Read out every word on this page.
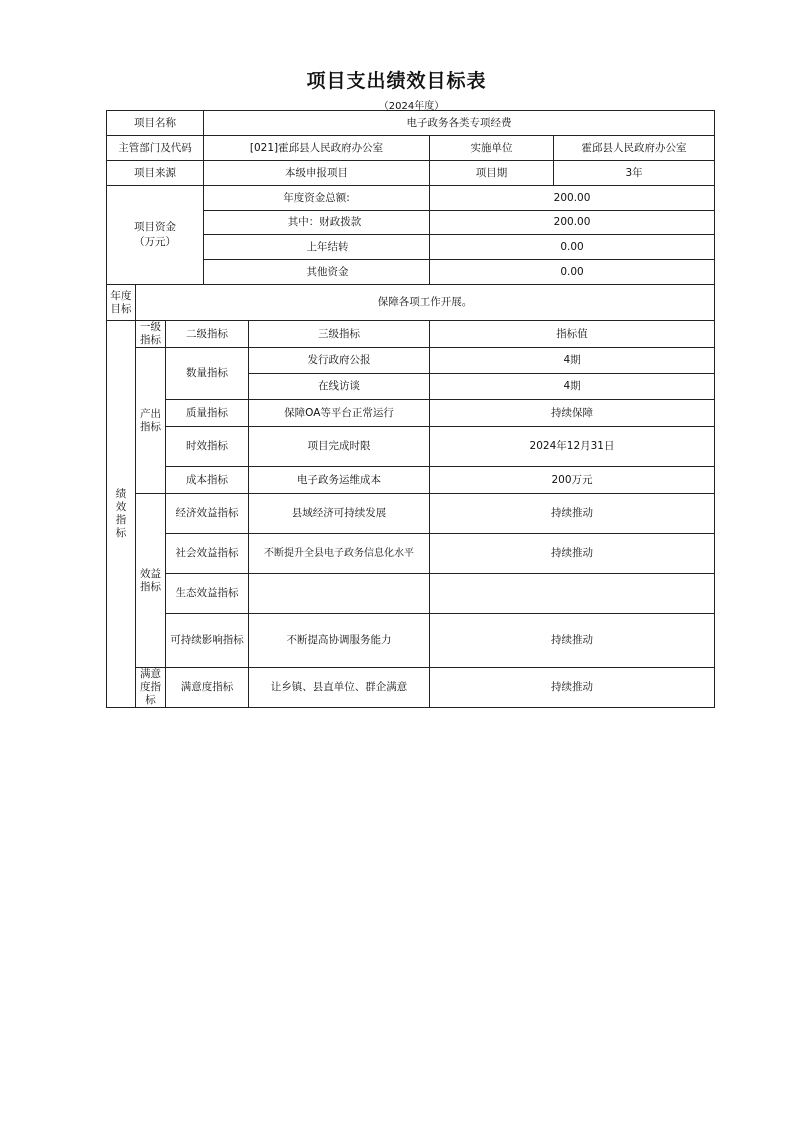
项目支出绩效目标表
（2024年度）
项目名称			电子政务各类专项经费			
主管部门及代码			[021]霍邱县人民政府办公室		实施单位	霍邱县人民政府办公室
项目来源			本级申报项目		项目期	3年

项目资金（万元）			年度资金总额:		200.00	
			其中：财政拨款		200.00	
			上年结转		0.00	
			其他资金		0.00	

年度目标	保障各项工作开展。					

绩效指标	一级指标	二级指标		三级指标	指标值	

	产出指标	数量指标		发行政府公报	4期	
				在线访谈	4期	
		质量指标		保障OA等平台正常运行	持续保障	
		时效指标		项目完成时限	2024年12月31日	
		成本指标		电子政务运维成本	200万元	

	效益指标	经济效益指标		县域经济可持续发展	持续推动	
		社会效益指标		不断提升全县电子政务信息化水平	持续推动	
		生态效益指标				
		可持续影响指标		不断提高协调服务能力	持续推动	

	满意度指标	满意度指标		让乡镇、县直单位、群企满意	持续推动	
